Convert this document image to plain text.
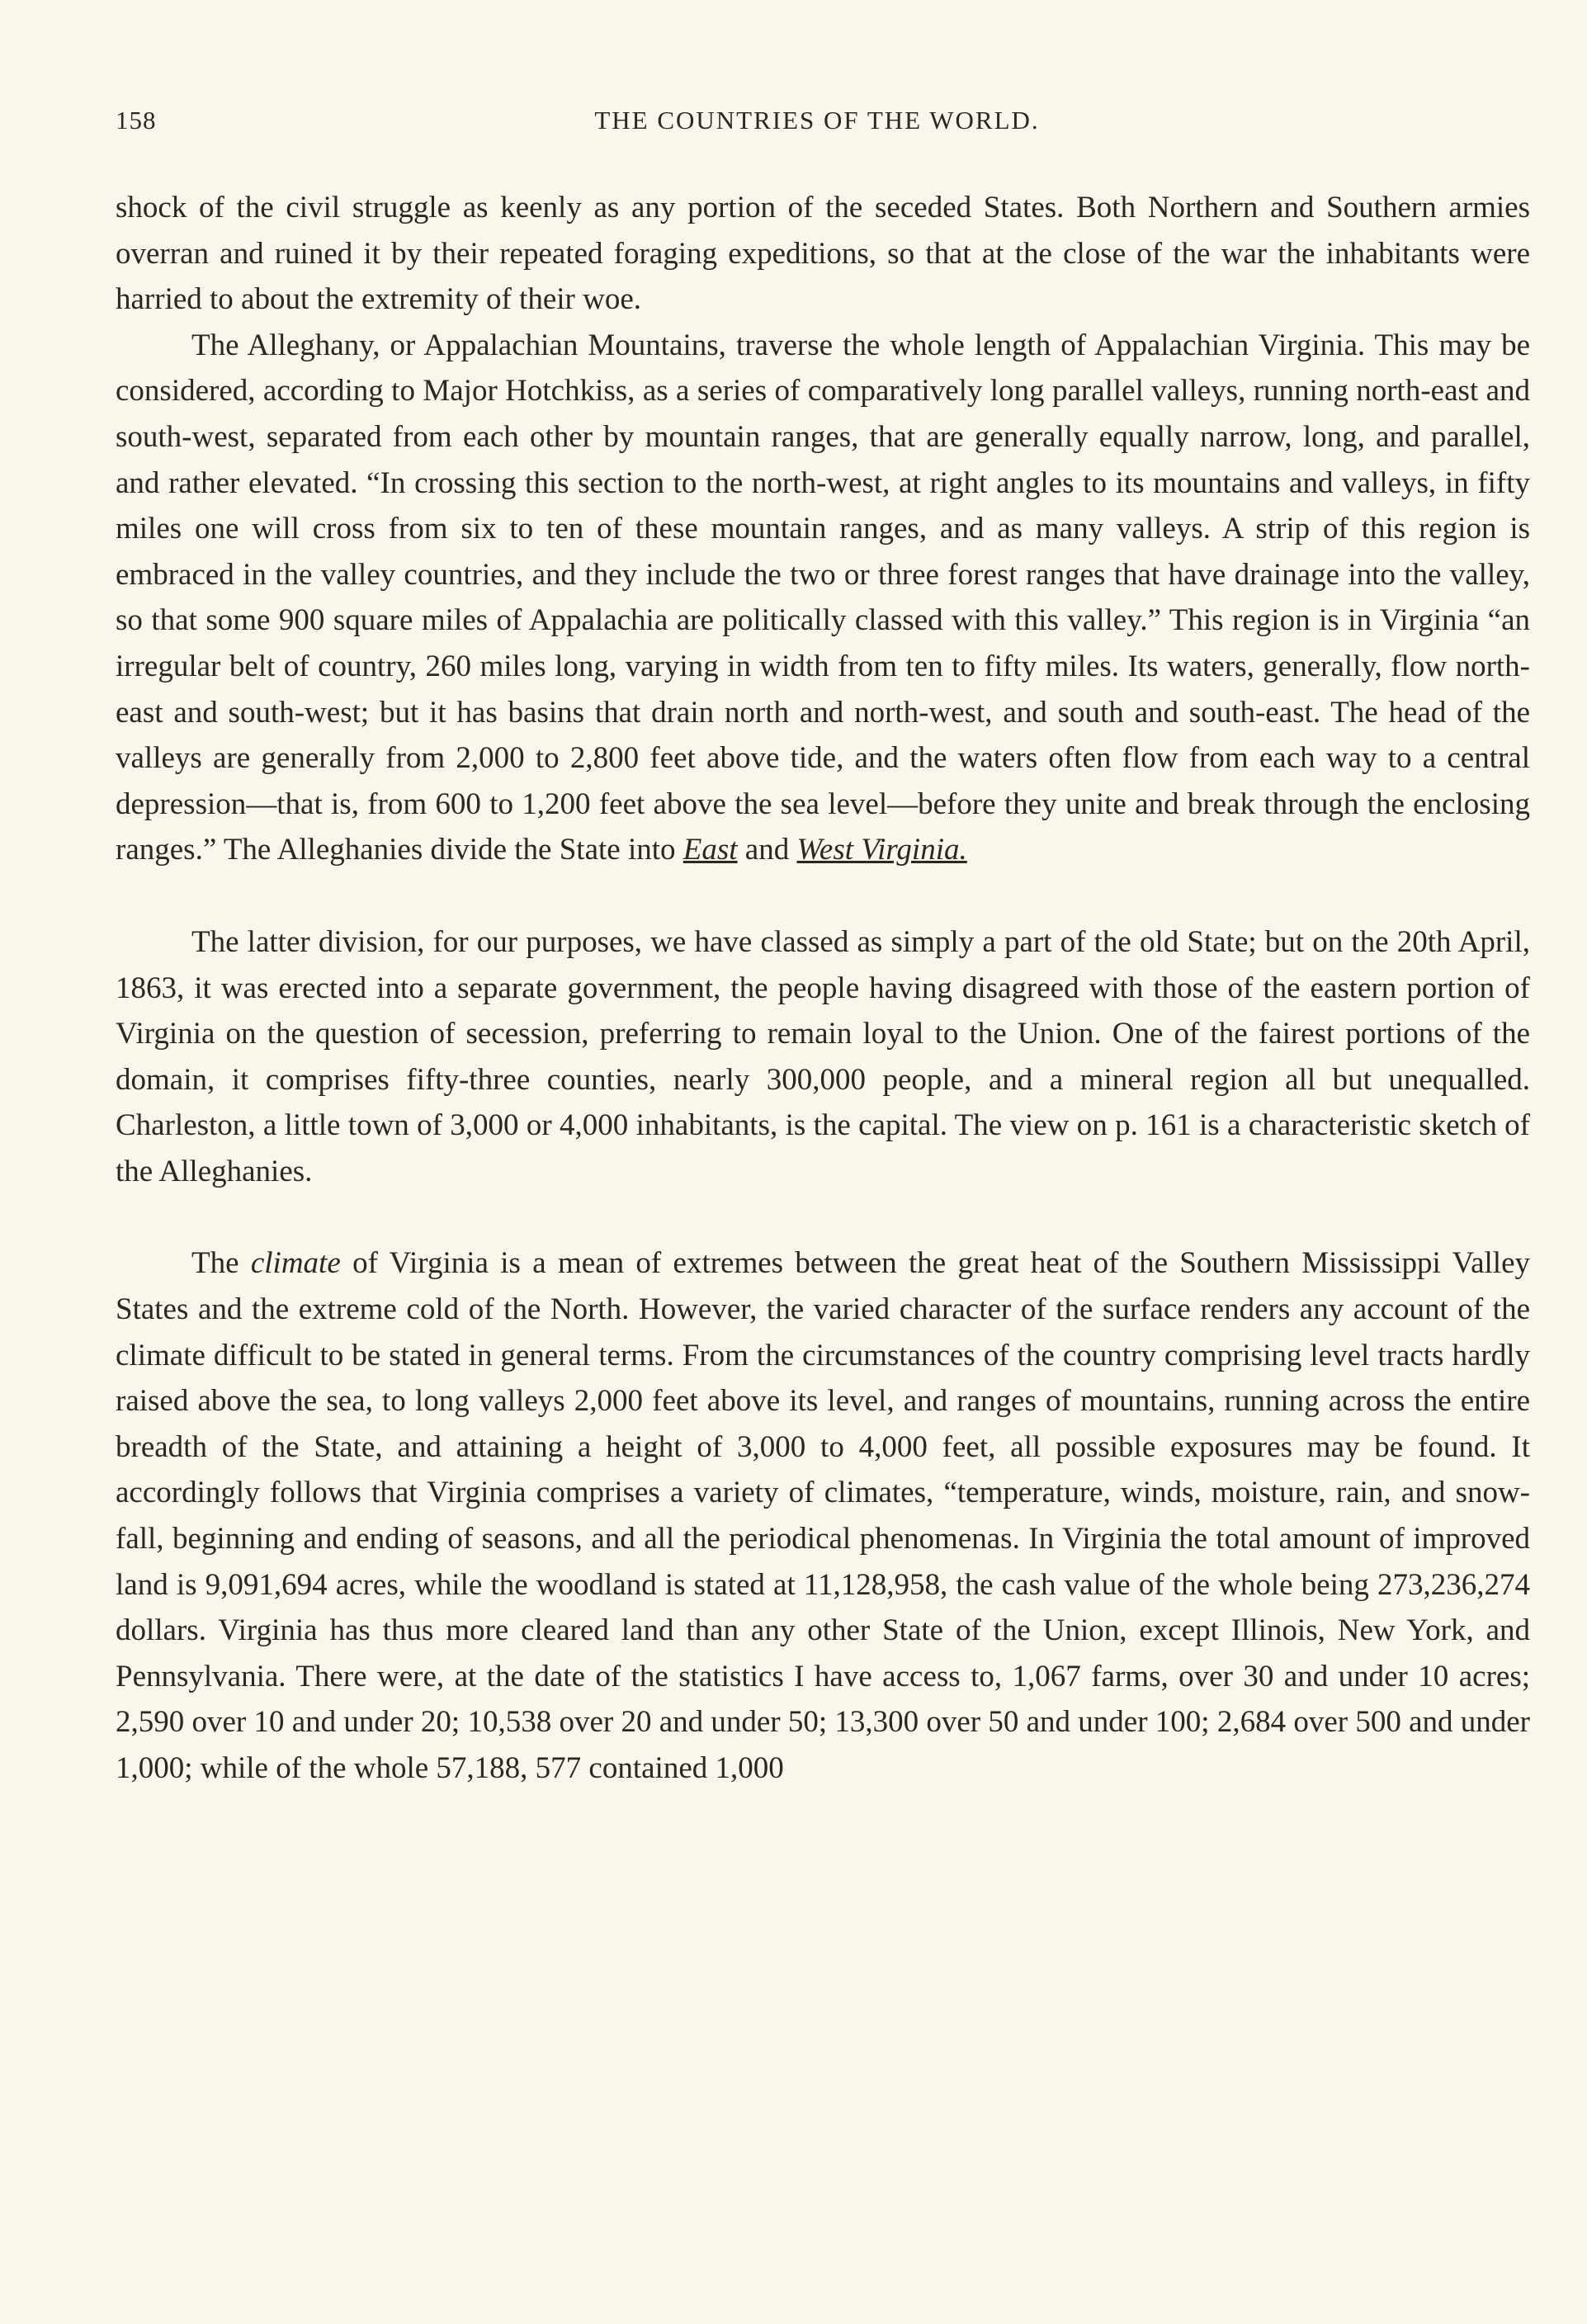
158	THE COUNTRIES OF THE WORLD.

shock of the civil struggle as keenly as any portion of the seceded States. Both Northern and Southern armies overran and ruined it by their repeated foraging expeditions, so that at the close of the war the inhabitants were harried to about the extremity of their woe.

The Alleghany, or Appalachian Mountains, traverse the whole length of Appalachian Virginia. This may be considered, according to Major Hotchkiss, as a series of comparatively long parallel valleys, running north-east and south-west, separated from each other by mountain ranges, that are generally equally narrow, long, and parallel, and rather elevated. “In crossing this section to the north-west, at right angles to its mountains and valleys, in fifty miles one will cross from six to ten of these mountain ranges, and as many valleys. A strip of this region is embraced in the valley countries, and they include the two or three forest ranges that have drainage into the valley, so that some 900 square miles of Appalachia are politically classed with this valley.” This region is in Virginia “an irregular belt of country, 260 miles long, varying in width from ten to fifty miles. Its waters, generally, flow north-east and south-west; but it has basins that drain north and north-west, and south and south-east. The head of the valleys are generally from 2,000 to 2,800 feet above tide, and the waters often flow from each way to a central depression—that is, from 600 to 1,200 feet above the sea level—before they unite and break through the enclosing ranges.” The Alleghanies divide the State into East and West Virginia.

The latter division, for our purposes, we have classed as simply a part of the old State; but on the 20th April, 1863, it was erected into a separate government, the people having disagreed with those of the eastern portion of Virginia on the question of secession, preferring to remain loyal to the Union. One of the fairest portions of the domain, it comprises fifty-three counties, nearly 300,000 people, and a mineral region all but unequalled. Charleston, a little town of 3,000 or 4,000 inhabitants, is the capital. The view on p. 161 is a characteristic sketch of the Alleghanies.

The climate of Virginia is a mean of extremes between the great heat of the Southern Mississippi Valley States and the extreme cold of the North. However, the varied character of the surface renders any account of the climate difficult to be stated in general terms. From the circumstances of the country comprising level tracts hardly raised above the sea, to long valleys 2,000 feet above its level, and ranges of mountains, running across the entire breadth of the State, and attaining a height of 3,000 to 4,000 feet, all possible exposures may be found. It accordingly follows that Virginia comprises a variety of climates, “temperature, winds, moisture, rain, and snow-fall, beginning and ending of seasons, and all the periodical phenomenas. In Virginia the total amount of improved land is 9,091,694 acres, while the woodland is stated at 11,128,958, the cash value of the whole being 273,236,274 dollars. Virginia has thus more cleared land than any other State of the Union, except Illinois, New York, and Pennsylvania. There were, at the date of the statistics I have access to, 1,067 farms, over 30 and under 10 acres; 2,590 over 10 and under 20; 10,538 over 20 and under 50; 13,300 over 50 and under 100; 2,684 over 500 and under 1,000; while of the whole 57,188, 577 contained 1,000
